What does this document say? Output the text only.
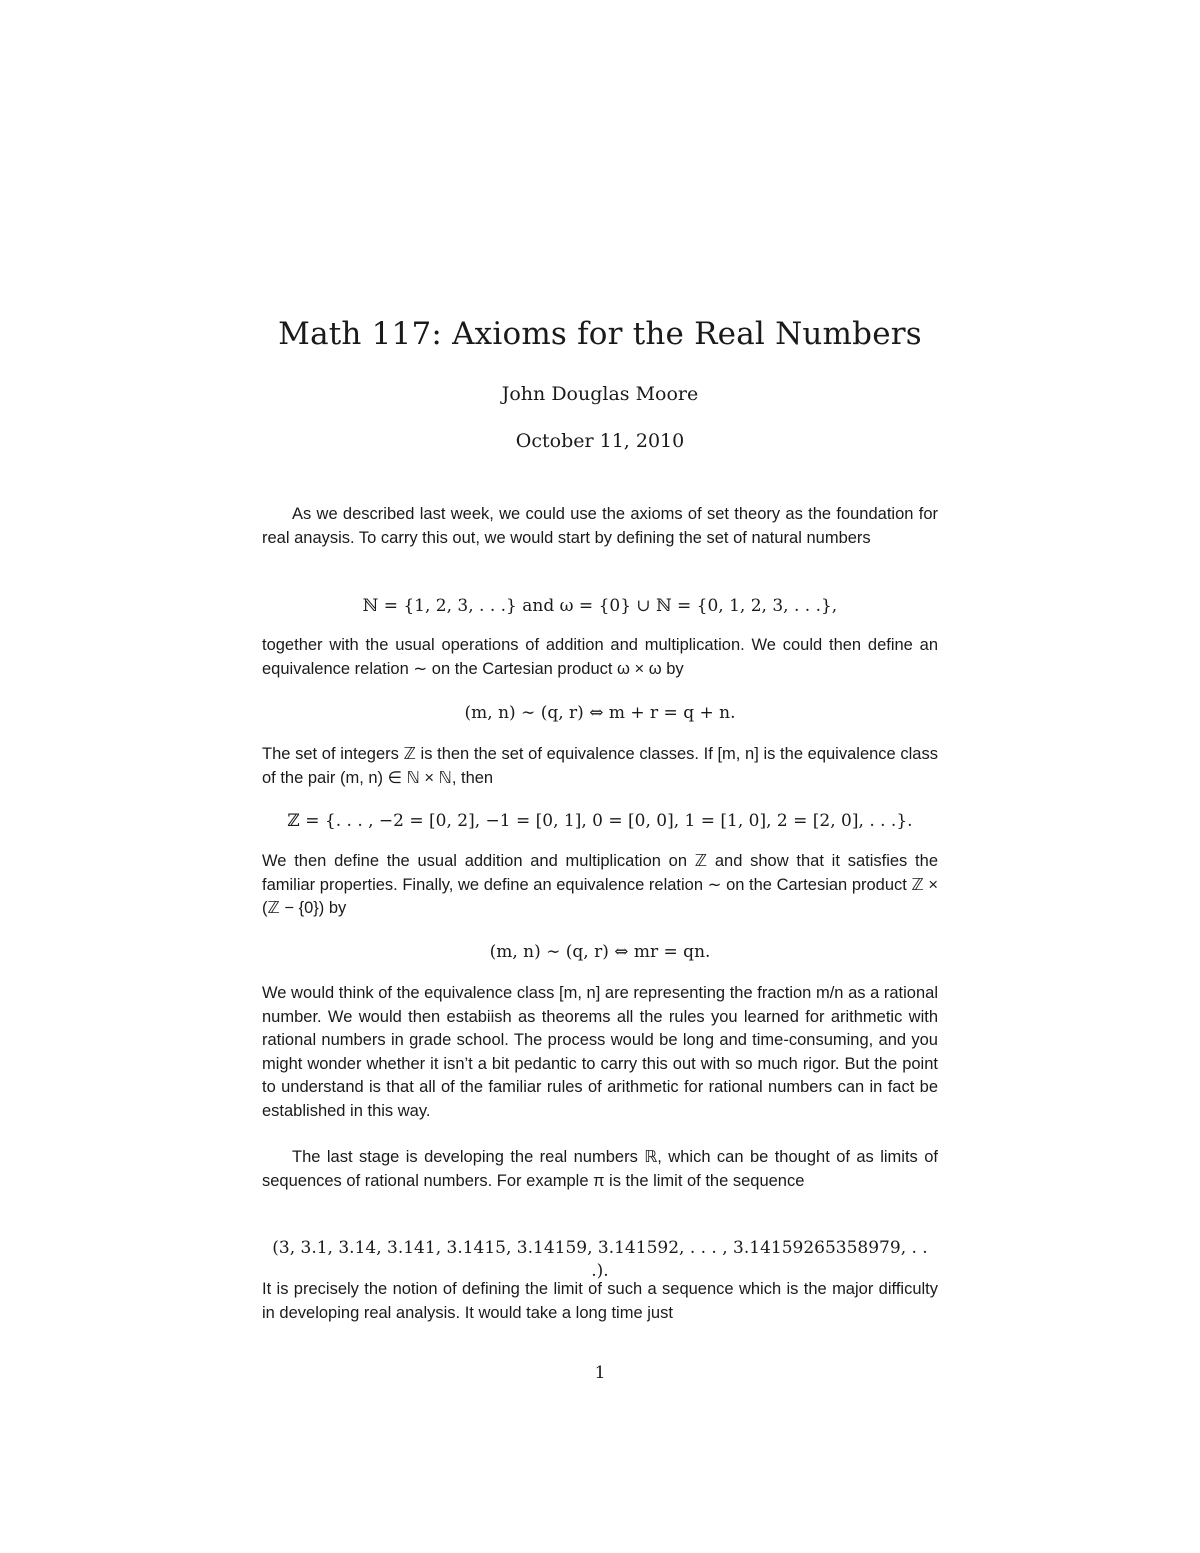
Math 117: Axioms for the Real Numbers
John Douglas Moore
October 11, 2010

As we described last week, we could use the axioms of set theory as the foundation for real anaysis. To carry this out, we would start by defining the set of natural numbers

ℕ = {1, 2, 3, . . .} and ω = {0} ∪ ℕ = {0, 1, 2, 3, . . .},

together with the usual operations of addition and multiplication. We could then define an equivalence relation ∼ on the Cartesian product ω × ω by

(m, n) ∼ (q, r) ⇔ m + r = q + n.

The set of integers ℤ is then the set of equivalence classes. If [m, n] is the equivalence class of the pair (m, n) ∈ ℕ × ℕ, then

ℤ = {. . . , −2 = [0, 2], −1 = [0, 1], 0 = [0, 0], 1 = [1, 0], 2 = [2, 0], . . .}.

We then define the usual addition and multiplication on ℤ and show that it satisfies the familiar properties. Finally, we define an equivalence relation ∼ on the Cartesian product ℤ × (ℤ − {0}) by

(m, n) ∼ (q, r) ⇔ mr = qn.

We would think of the equivalence class [m, n] are representing the fraction m/n as a rational number. We would then estabiish as theorems all the rules you learned for arithmetic with rational numbers in grade school. The process would be long and time-consuming, and you might wonder whether it isn’t a bit pedantic to carry this out with so much rigor. But the point to understand is that all of the familiar rules of arithmetic for rational numbers can in fact be established in this way.

The last stage is developing the real numbers ℝ, which can be thought of as limits of sequences of rational numbers. For example π is the limit of the sequence

(3, 3.1, 3.14, 3.141, 3.1415, 3.14159, 3.141592, . . . , 3.14159265358979, . . .).

It is precisely the notion of defining the limit of such a sequence which is the major difficulty in developing real analysis. It would take a long time just

1
